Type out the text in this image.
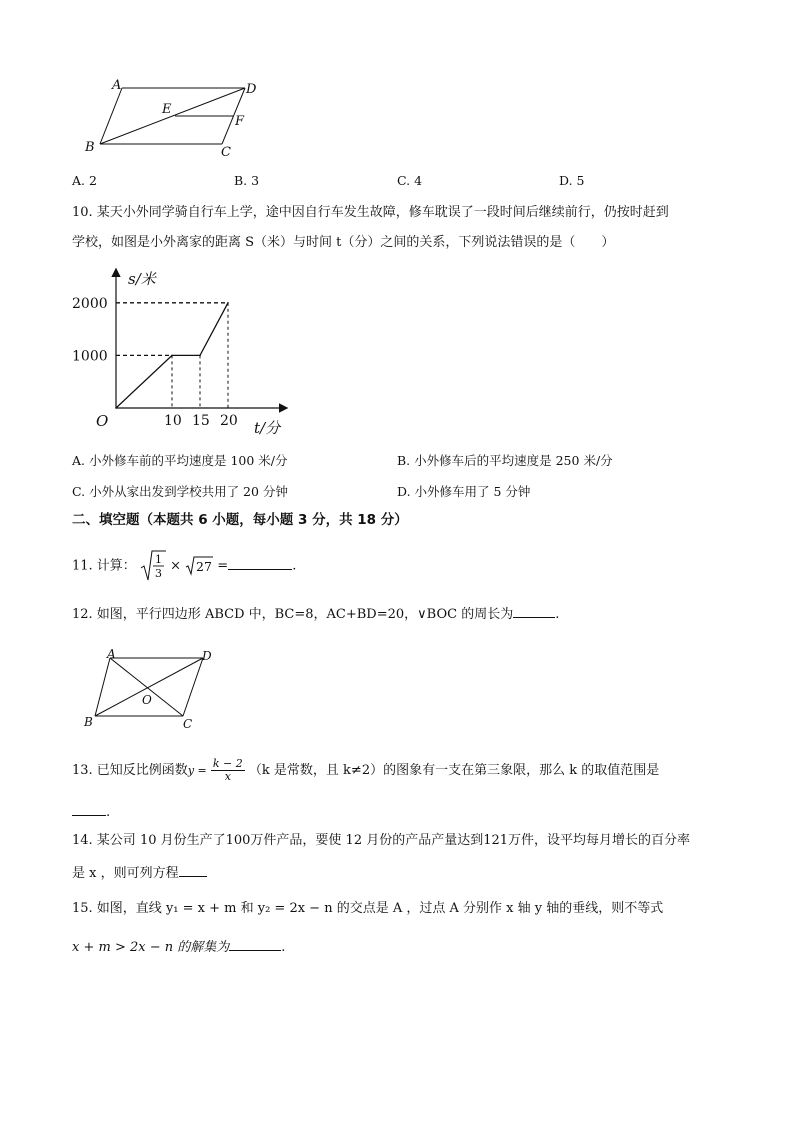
A	D
E
F
B	C
A. 2	B. 3	C. 4	D. 5
10. 某天小外同学骑自行车上学，途中因自行车发生故障，修车耽误了一段时间后继续前行，仍按时赶到
学校，如图是小外离家的距离 S（米）与时间 t（分）之间的关系，下列说法错误的是（　　）
10 15 20
1000
2000
s/米
t/分
O
A. 小外修车前的平均速度是 100 米/分	B. 小外修车后的平均速度是 250 米/分
C. 小外从家出发到学校共用了 20 分钟	D. 小外修车用了 5 分钟
二、填空题（本题共 6 小题，每小题 3 分，共 18 分）
11. 计算： 1
3 × 27 =	.
12. 如图，平行四边形 ABCD 中，BC=8，AC+BD=20，∨BOC 的周长为	.
A	D
O
B	C
13. 已知反比例函数$y = \frac{k - 2}{x} (k$ 是常数，且 k≠2）的图象有一支在第三象限，那么 k 的取值范围是
.
14. 某公司 10 月份生产了100万件产品，要使 12 月份的产品产量达到121万件，设平均每月增长的百分率
是 x ，则可列方程
15. 如图，直线 y₁ = x + m 和 y₂ = 2x − n 的交点是 A ，过点 A 分别作 x 轴 y 轴的垂线，则不等式
x + m > 2x − n 的解集为	.
